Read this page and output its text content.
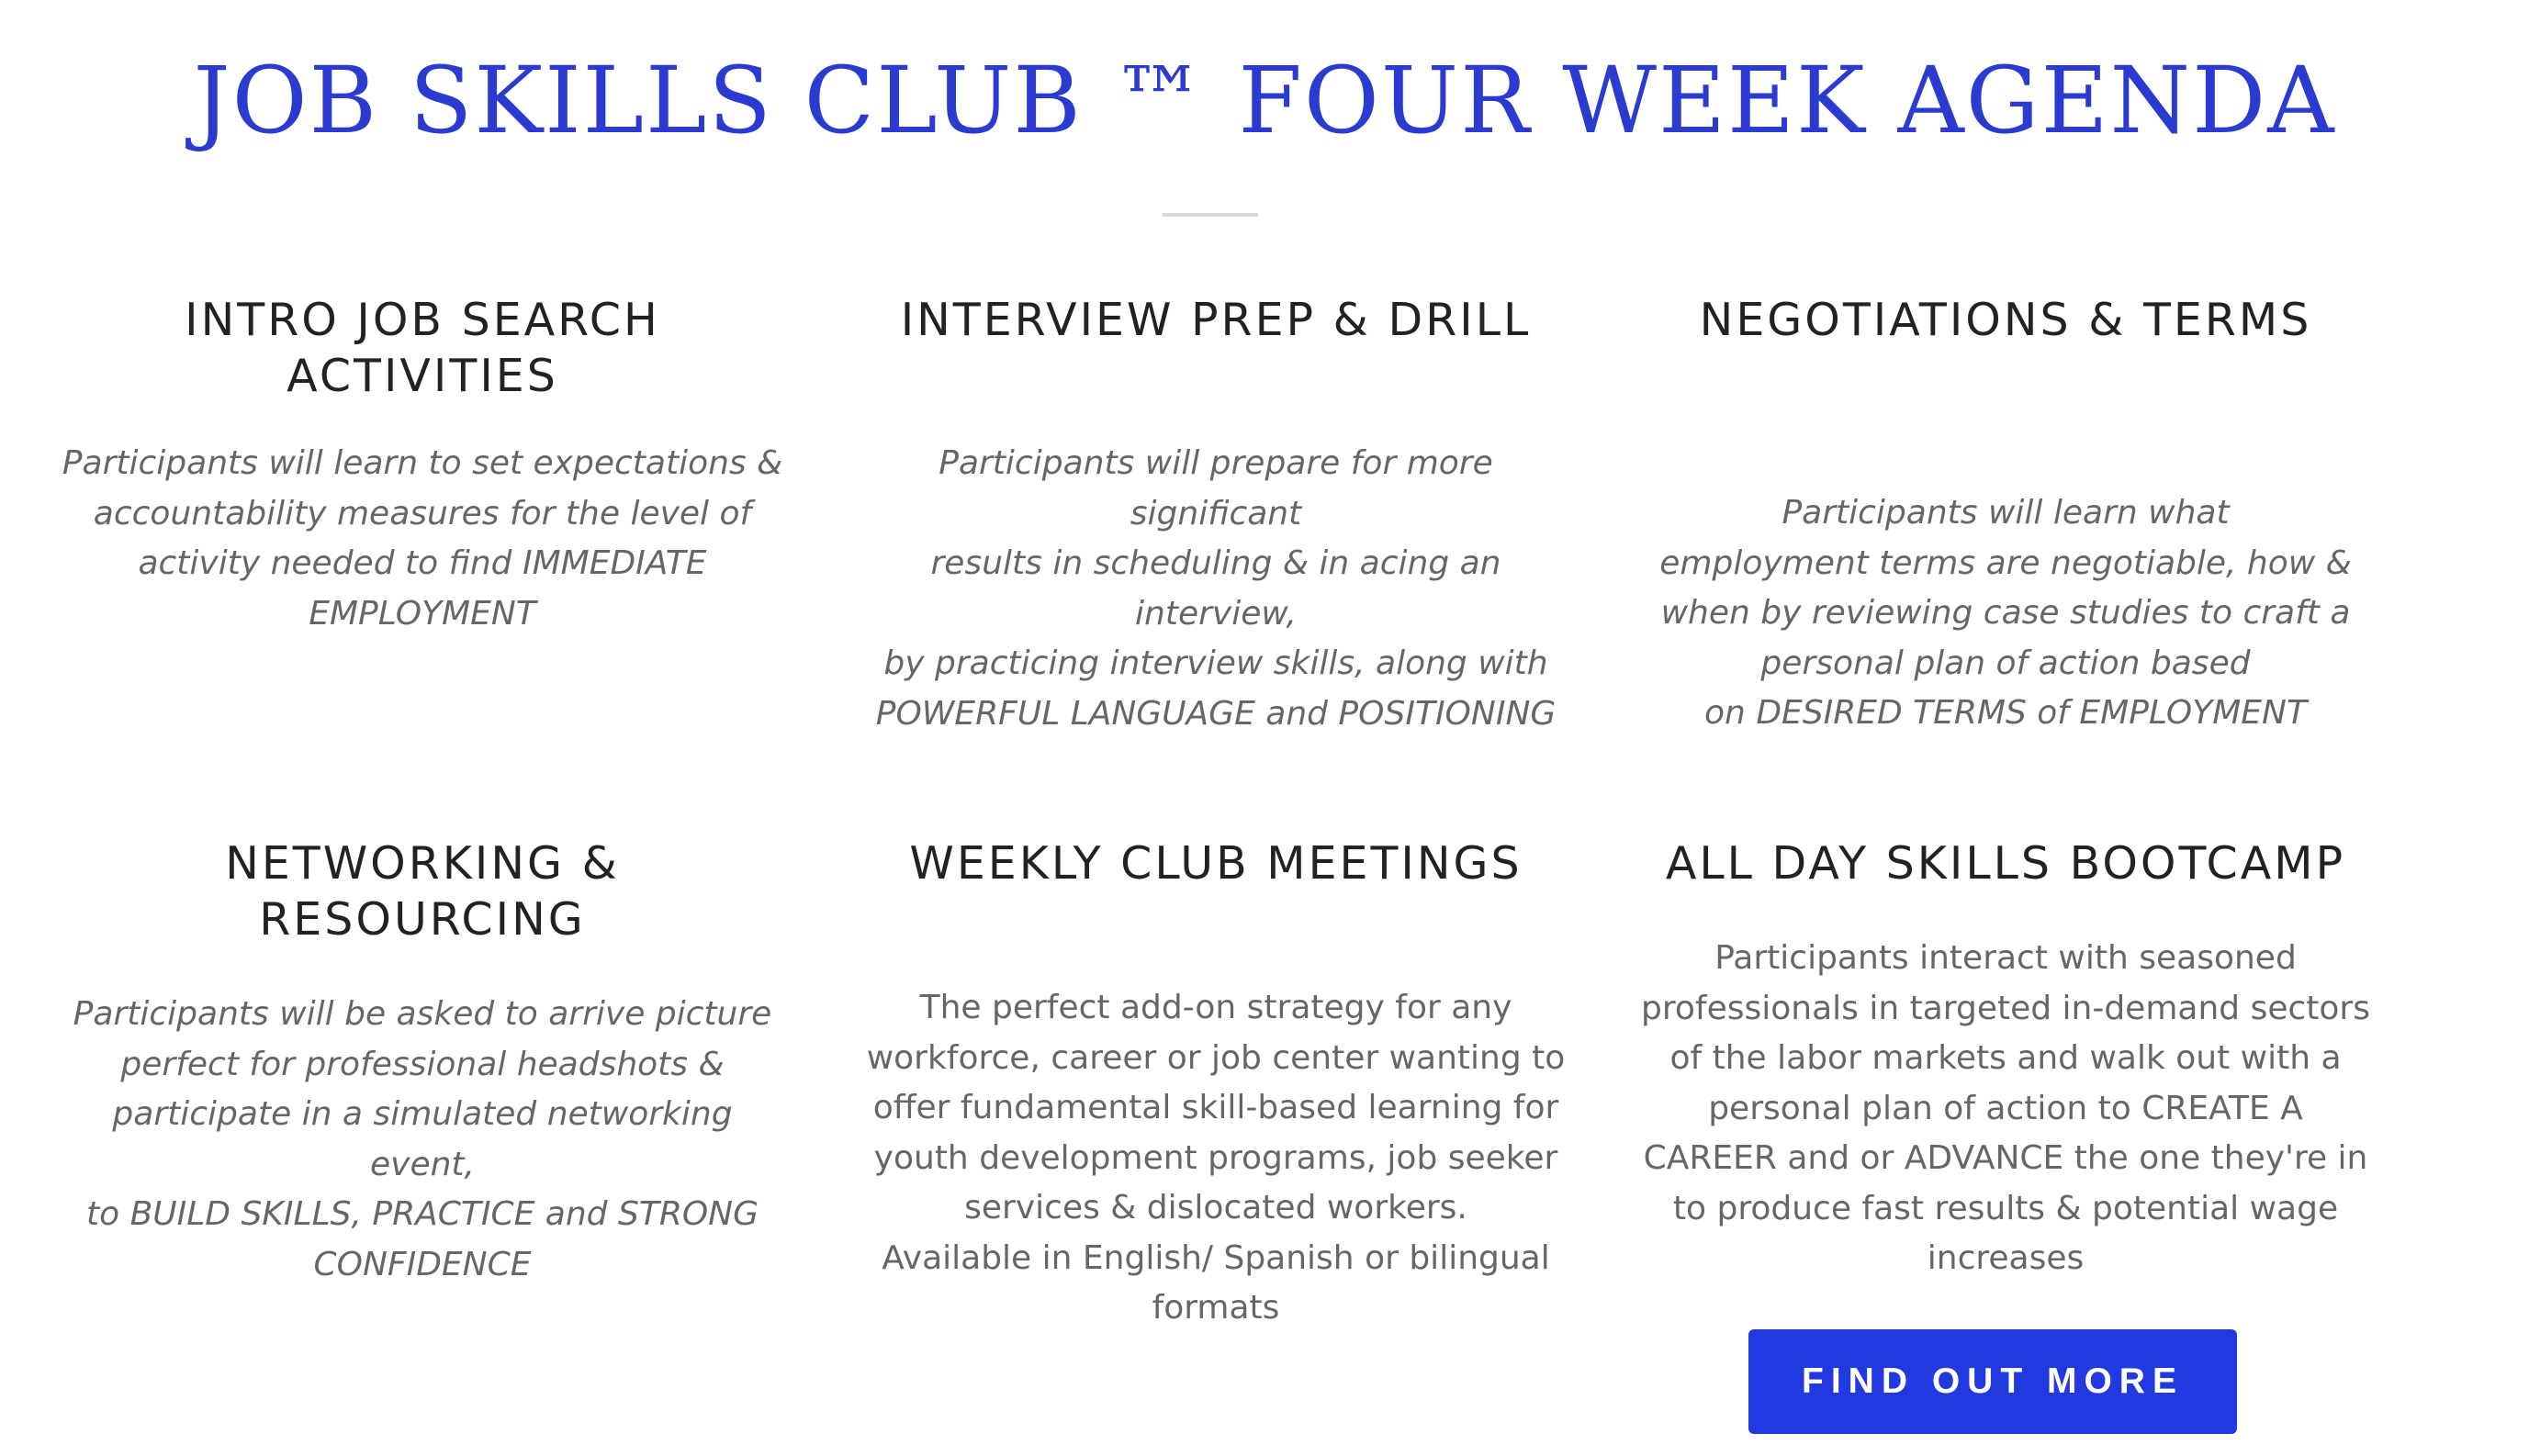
JOB SKILLS CLUB ™ FOUR WEEK AGENDA
INTRO JOB SEARCH ACTIVITIES

Participants will learn to set expectations &
accountability measures for the level of
activity needed to find IMMEDIATE
EMPLOYMENT

INTERVIEW PREP & DRILL

Participants will prepare for more significant
results in scheduling & in acing an interview,
by practicing interview skills, along with
POWERFUL LANGUAGE and POSITIONING

NEGOTIATIONS & TERMS

Participants will learn what
employment terms are negotiable, how &
when by reviewing case studies to craft a
personal plan of action based
on DESIRED TERMS of EMPLOYMENT

NETWORKING & RESOURCING

Participants will be asked to arrive picture
perfect for professional headshots &
participate in a simulated networking event,
to BUILD SKILLS, PRACTICE and STRONG
CONFIDENCE

WEEKLY CLUB MEETINGS

The perfect add-on strategy for any
workforce, career or job center wanting to
offer fundamental skill-based learning for
youth development programs, job seeker
services & dislocated workers.
Available in English/ Spanish or bilingual
formats

ALL DAY SKILLS BOOTCAMP

Participants interact with seasoned
professionals in targeted in-demand sectors
of the labor markets and walk out with a
personal plan of action to CREATE A
CAREER and or ADVANCE the one they're in
to produce fast results & potential wage
increases

FIND OUT MORE
